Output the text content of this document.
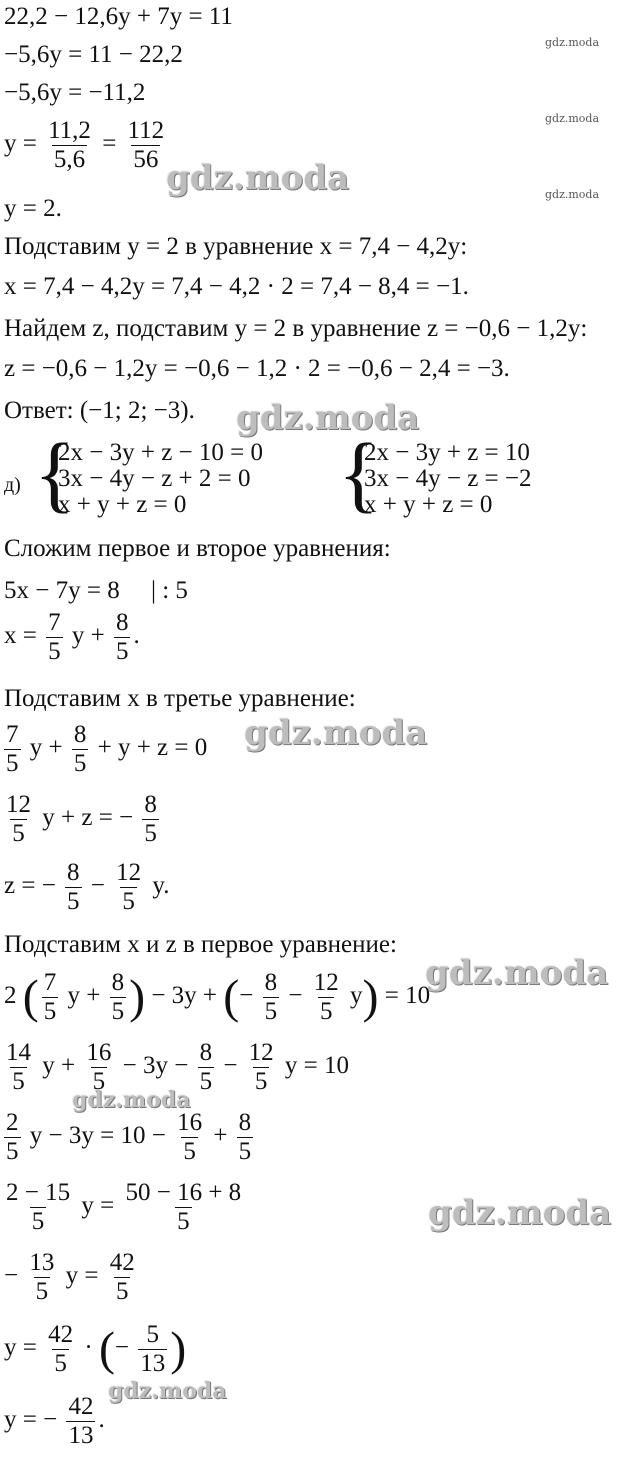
gdz.moda
gdz.moda
gdz.moda
gdz.moda
gdz.moda
gdz.moda
gdz.moda
gdz.moda
gdz.moda
gdz.moda
22,2 − 12,6y + 7y = 11
−5,6y = 11 − 22,2
−5,6y = −11,2
$y = \frac{11,2}{5,6} = \frac{112}{56}$
y = 2.
Подставим y = 2 в уравнение x = 7,4 − 4,2y:
x = 7,4 − 4,2y = 7,4 − 4,2 · 2 = 7,4 − 8,4 = −1.
Найдем z, подставим y = 2 в уравнение z = −0,6 − 1,2y:
z = −0,6 − 1,2y = −0,6 − 1,2 · 2 = −0,6 − 2,4 = −3.
Ответ: (−1; 2; −3).
д) {
2x − 3y + z − 10 = 0
3x − 4y − z + 2 = 0
x + y + z = 0	{
2x − 3y + z = 10
3x − 4y − z = −2
x + y + z = 0
Сложим первое и второе уравнения:
5x − 7y = 8     | : 5
$x = \frac{7}{5}$ $y + \frac{8}{5}$ .
Подставим x в третье уравнение:
$\frac{7}{5}$ $y + \frac{8}{5} + y + z = 0$
$\frac{12}{5}$ y + z = − $\frac{8}{5}$
z = − $\frac{8}{5} - \frac{12}{5} y$.
Подставим x и z в первое уравнение:
2 ( $\frac{7}{5}$ $y + \frac{8}{5}$ ) − 3y + (− $\frac{8}{5} - \frac{12}{5} y) = 10$
$\frac{14}{5}$ $y + \frac{16}{5} - 3y - \frac{8}{5} - \frac{12}{5}$ y = 10
$\frac{2}{5}$ $y - 3y = 10 - \frac{16}{5} + \frac{8}{5}$
$\frac{2 - 15}{5}$ $y = \frac{50 - 16 + 8}{5}$
− $\frac{13}{5}$ $y = \frac{42}{5}$
$y = \frac{42}{5}$ · (− $\frac{5}{13}$ )
y = − $\frac{42}{13}$ .
